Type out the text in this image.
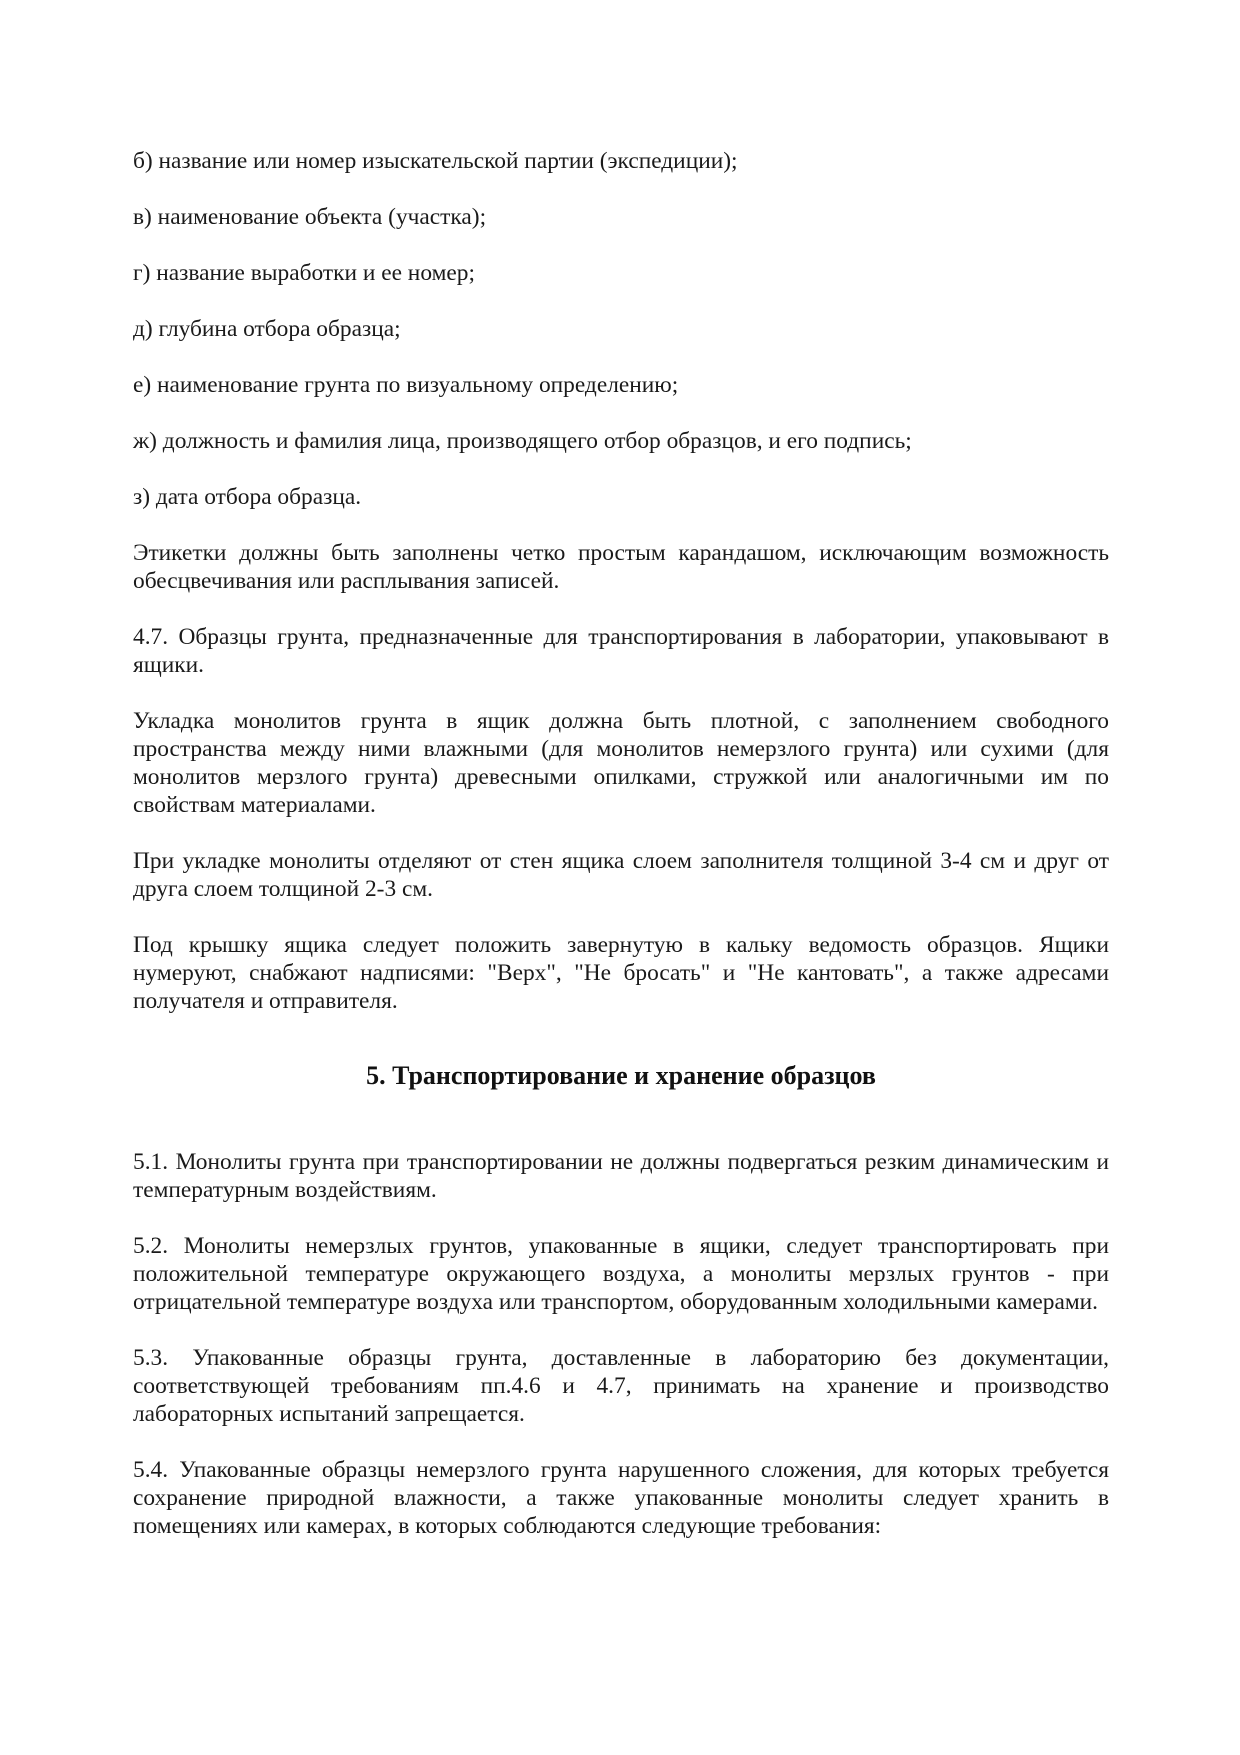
б) название или номер изыскательской партии (экспедиции);

в) наименование объекта (участка);

г) название выработки и ее номер;

д) глубина отбора образца;

е) наименование грунта по визуальному определению;

ж) должность и фамилия лица, производящего отбор образцов, и его подпись;

з) дата отбора образца.

Этикетки должны быть заполнены четко простым карандашом, исключающим возможность обесцвечивания или расплывания записей.

4.7. Образцы грунта, предназначенные для транспортирования в лаборатории, упаковывают в ящики.

Укладка монолитов грунта в ящик должна быть плотной, с заполнением свободного пространства между ними влажными (для монолитов немерзлого грунта) или сухими (для монолитов мерзлого грунта) древесными опилками, стружкой или аналогичными им по свойствам материалами.

При укладке монолиты отделяют от стен ящика слоем заполнителя толщиной 3-4 см и друг от друга слоем толщиной 2-3 см.

Под крышку ящика следует положить завернутую в кальку ведомость образцов. Ящики нумеруют, снабжают надписями: "Верх", "Не бросать" и "Не кантовать", а также адресами получателя и отправителя.

5. Транспортирование и хранение образцов

5.1. Монолиты грунта при транспортировании не должны подвергаться резким динамическим и температурным воздействиям.

5.2. Монолиты немерзлых грунтов, упакованные в ящики, следует транспортировать при положительной температуре окружающего воздуха, а монолиты мерзлых грунтов - при отрицательной температуре воздуха или транспортом, оборудованным холодильными камерами.

5.3. Упакованные образцы грунта, доставленные в лабораторию без документации, соответствующей требованиям пп.4.6 и 4.7, принимать на хранение и производство лабораторных испытаний запрещается.

5.4. Упакованные образцы немерзлого грунта нарушенного сложения, для которых требуется сохранение природной влажности, а также упакованные монолиты следует хранить в помещениях или камерах, в которых соблюдаются следующие требования:
